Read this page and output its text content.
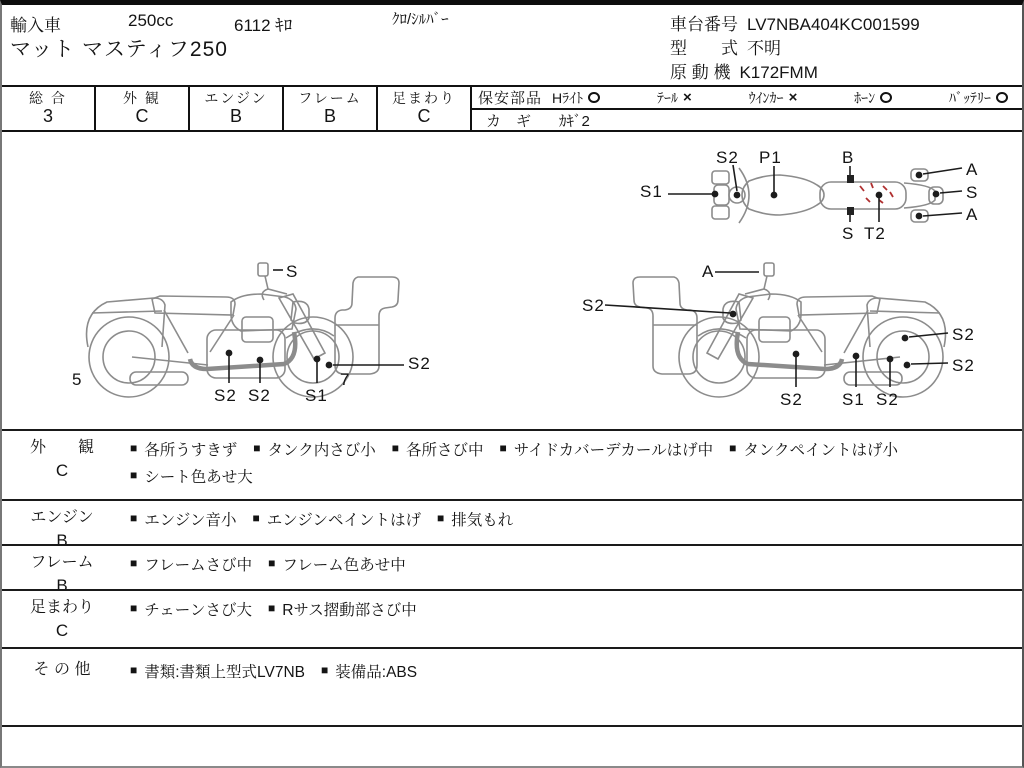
輸入車	250cc	6112 ｷﾛ	ｸﾛ/ｼﾙﾊﾞｰ
マット マスティフ250
車台番号 LV7NBA404KC001599
型　　式 不明
原 動 機 K172FMM
総 合
3
外 観
C
エンジン
B
フレーム
B
足まわり
C
保安部品 Hﾗｲﾄ	ﾃｰﾙ ×	ｳｲﾝｶｰ ×	ﾎｰﾝ	ﾊﾞｯﾃﾘｰ
カ　ギ ｶｷﾞ2
S1
S2 P1	B
S T2
A
S
A
S
5
S2 S2 S1
7
S2
A
S2
S2
S2
S2 S1 S2
外　　観
C
■ 各所うすきず ■ タンク内さび小 ■ 各所さび中 ■ サイドカバーデカールはげ中 ■ タンクペイントはげ小
■ シート色あせ大
エンジン
B
■ エンジン音小 ■ エンジンペイントはげ ■ 排気もれ
フレーム
B
■ フレームさび中 ■ フレーム色あせ中
足まわり
C
■ チェーンさび大 ■ Rサス摺動部さび中
そ の 他	■ 書類:書類上型式LV7NB ■ 装備品:ABS
